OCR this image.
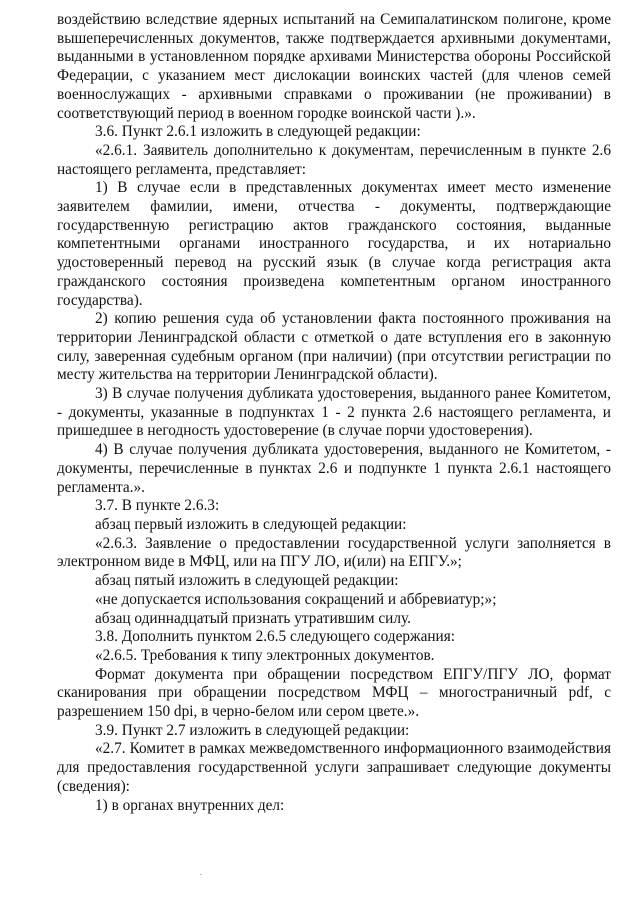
воздействию вследствие ядерных испытаний на Семипалатинском полигоне, кроме вышеперечисленных документов, также подтверждается архивными документами, выданными в установленном порядке архивами Министерства обороны Российской Федерации, с указанием мест дислокации воинских частей (для членов семей военнослужащих - архивными справками о проживании (не проживании) в соответствующий период в военном городке воинской части ).».

3.6. Пункт 2.6.1 изложить в следующей редакции:

«2.6.1. Заявитель дополнительно к документам, перечисленным в пункте 2.6 настоящего регламента, представляет:

1) В случае если в представленных документах имеет место изменение заявителем фамилии, имени, отчества - документы, подтверждающие государственную регистрацию актов гражданского состояния, выданные компетентными органами иностранного государства, и их нотариально удостоверенный перевод на русский язык (в случае когда регистрация акта гражданского состояния произведена компетентным органом иностранного государства).

2) копию решения суда об установлении факта постоянного проживания на территории Ленинградской области с отметкой о дате вступления его в законную силу, заверенная судебным органом (при наличии) (при отсутствии регистрации по месту жительства на территории Ленинградской области).

3) В случае получения дубликата удостоверения, выданного ранее Комитетом, - документы, указанные в подпунктах 1 - 2 пункта 2.6 настоящего регламента, и пришедшее в негодность удостоверение (в случае порчи удостоверения).

4) В случае получения дубликата удостоверения, выданного не Комитетом, - документы, перечисленные в пунктах 2.6 и подпункте 1 пункта 2.6.1 настоящего регламента.».

3.7. В пункте 2.6.3:

абзац первый изложить в следующей редакции:

«2.6.3. Заявление о предоставлении государственной услуги заполняется в электронном виде в МФЦ, или на ПГУ ЛО, и(или) на ЕПГУ.»;

абзац пятый изложить в следующей редакции:

«не допускается использования сокращений и аббревиатур;»;

абзац одиннадцатый признать утратившим силу.

3.8. Дополнить пунктом 2.6.5 следующего содержания:

«2.6.5. Требования к типу электронных документов.

Формат документа при обращении посредством ЕПГУ/ПГУ ЛО, формат сканирования при обращении посредством МФЦ – многостраничный pdf, с разрешением 150 dpi, в черно-белом или сером цвете.».

3.9. Пункт 2.7 изложить в следующей редакции:

«2.7. Комитет в рамках межведомственного информационного взаимодействия для предоставления государственной услуги запрашивает следующие документы (сведения):

1) в органах внутренних дел:
